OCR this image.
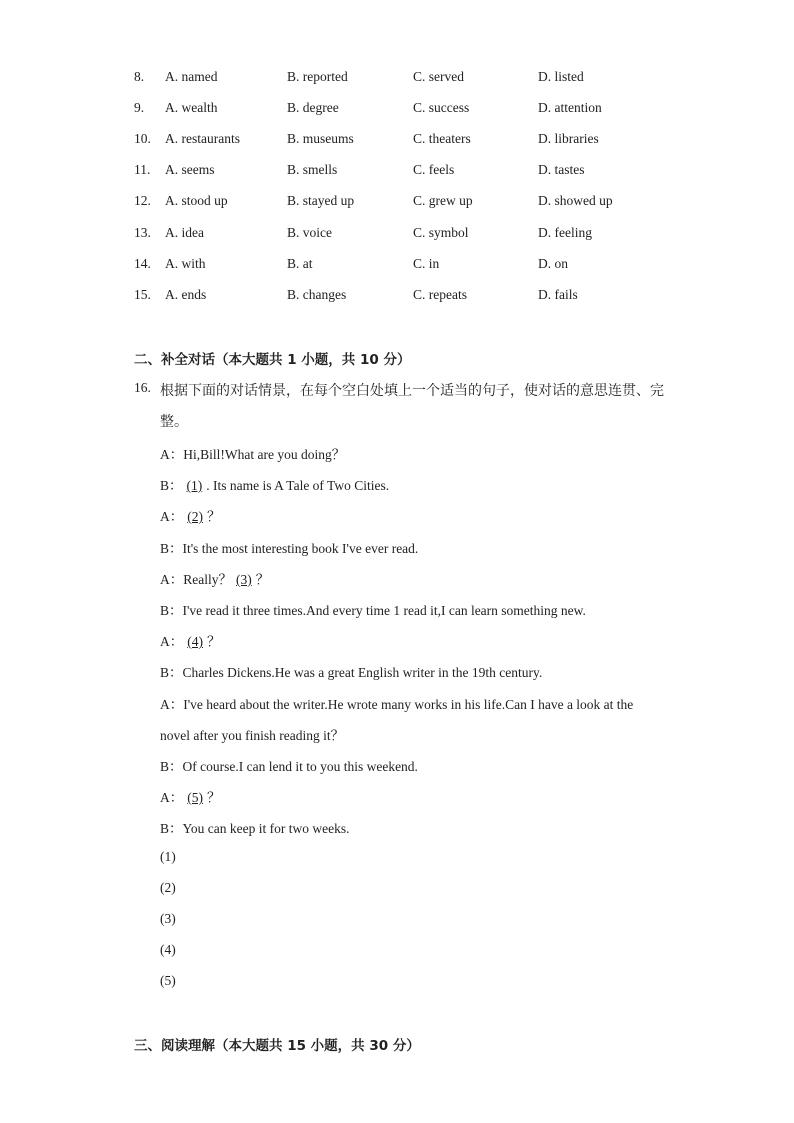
8. A. named	B. reported	C. served	D. listed
9. A. wealth	B. degree	C. success	D. attention
10. A. restaurants	B. museums	C. theaters	D. libraries
11. A. seems	B. smells	C. feels	D. tastes
12. A. stood up	B. stayed up	C. grew up	D. showed up
13. A. idea	B. voice	C. symbol	D. feeling
14. A. with	B. at	C. in	D. on
15. A. ends	B. changes	C. repeats	D. fails
二、补全对话（本大题共 1 小题，共 10 分）
16. 根据下面的对话情景，在每个空白处填上一个适当的句子，使对话的意思连贯、完整。
A：Hi,Bill!What are you doing？
B： (1) . Its name is A Tale of Two Cities.
A： (2) ？
B：It's the most interesting book I've ever read.
A：Really？ (3) ？
B：I've read it three times.And every time 1 read it,I can learn something new.
A： (4) ？
B：Charles Dickens.He was a great English writer in the 19th century.
A：I've heard about the writer.He wrote many works in his life.Can I have a look at the
novel after you finish reading it？
B：Of course.I can lend it to you this weekend.
A： (5) ？
B：You can keep it for two weeks.
(1)
(2)
(3)
(4)
(5)
三、阅读理解（本大题共 15 小题，共 30 分）
